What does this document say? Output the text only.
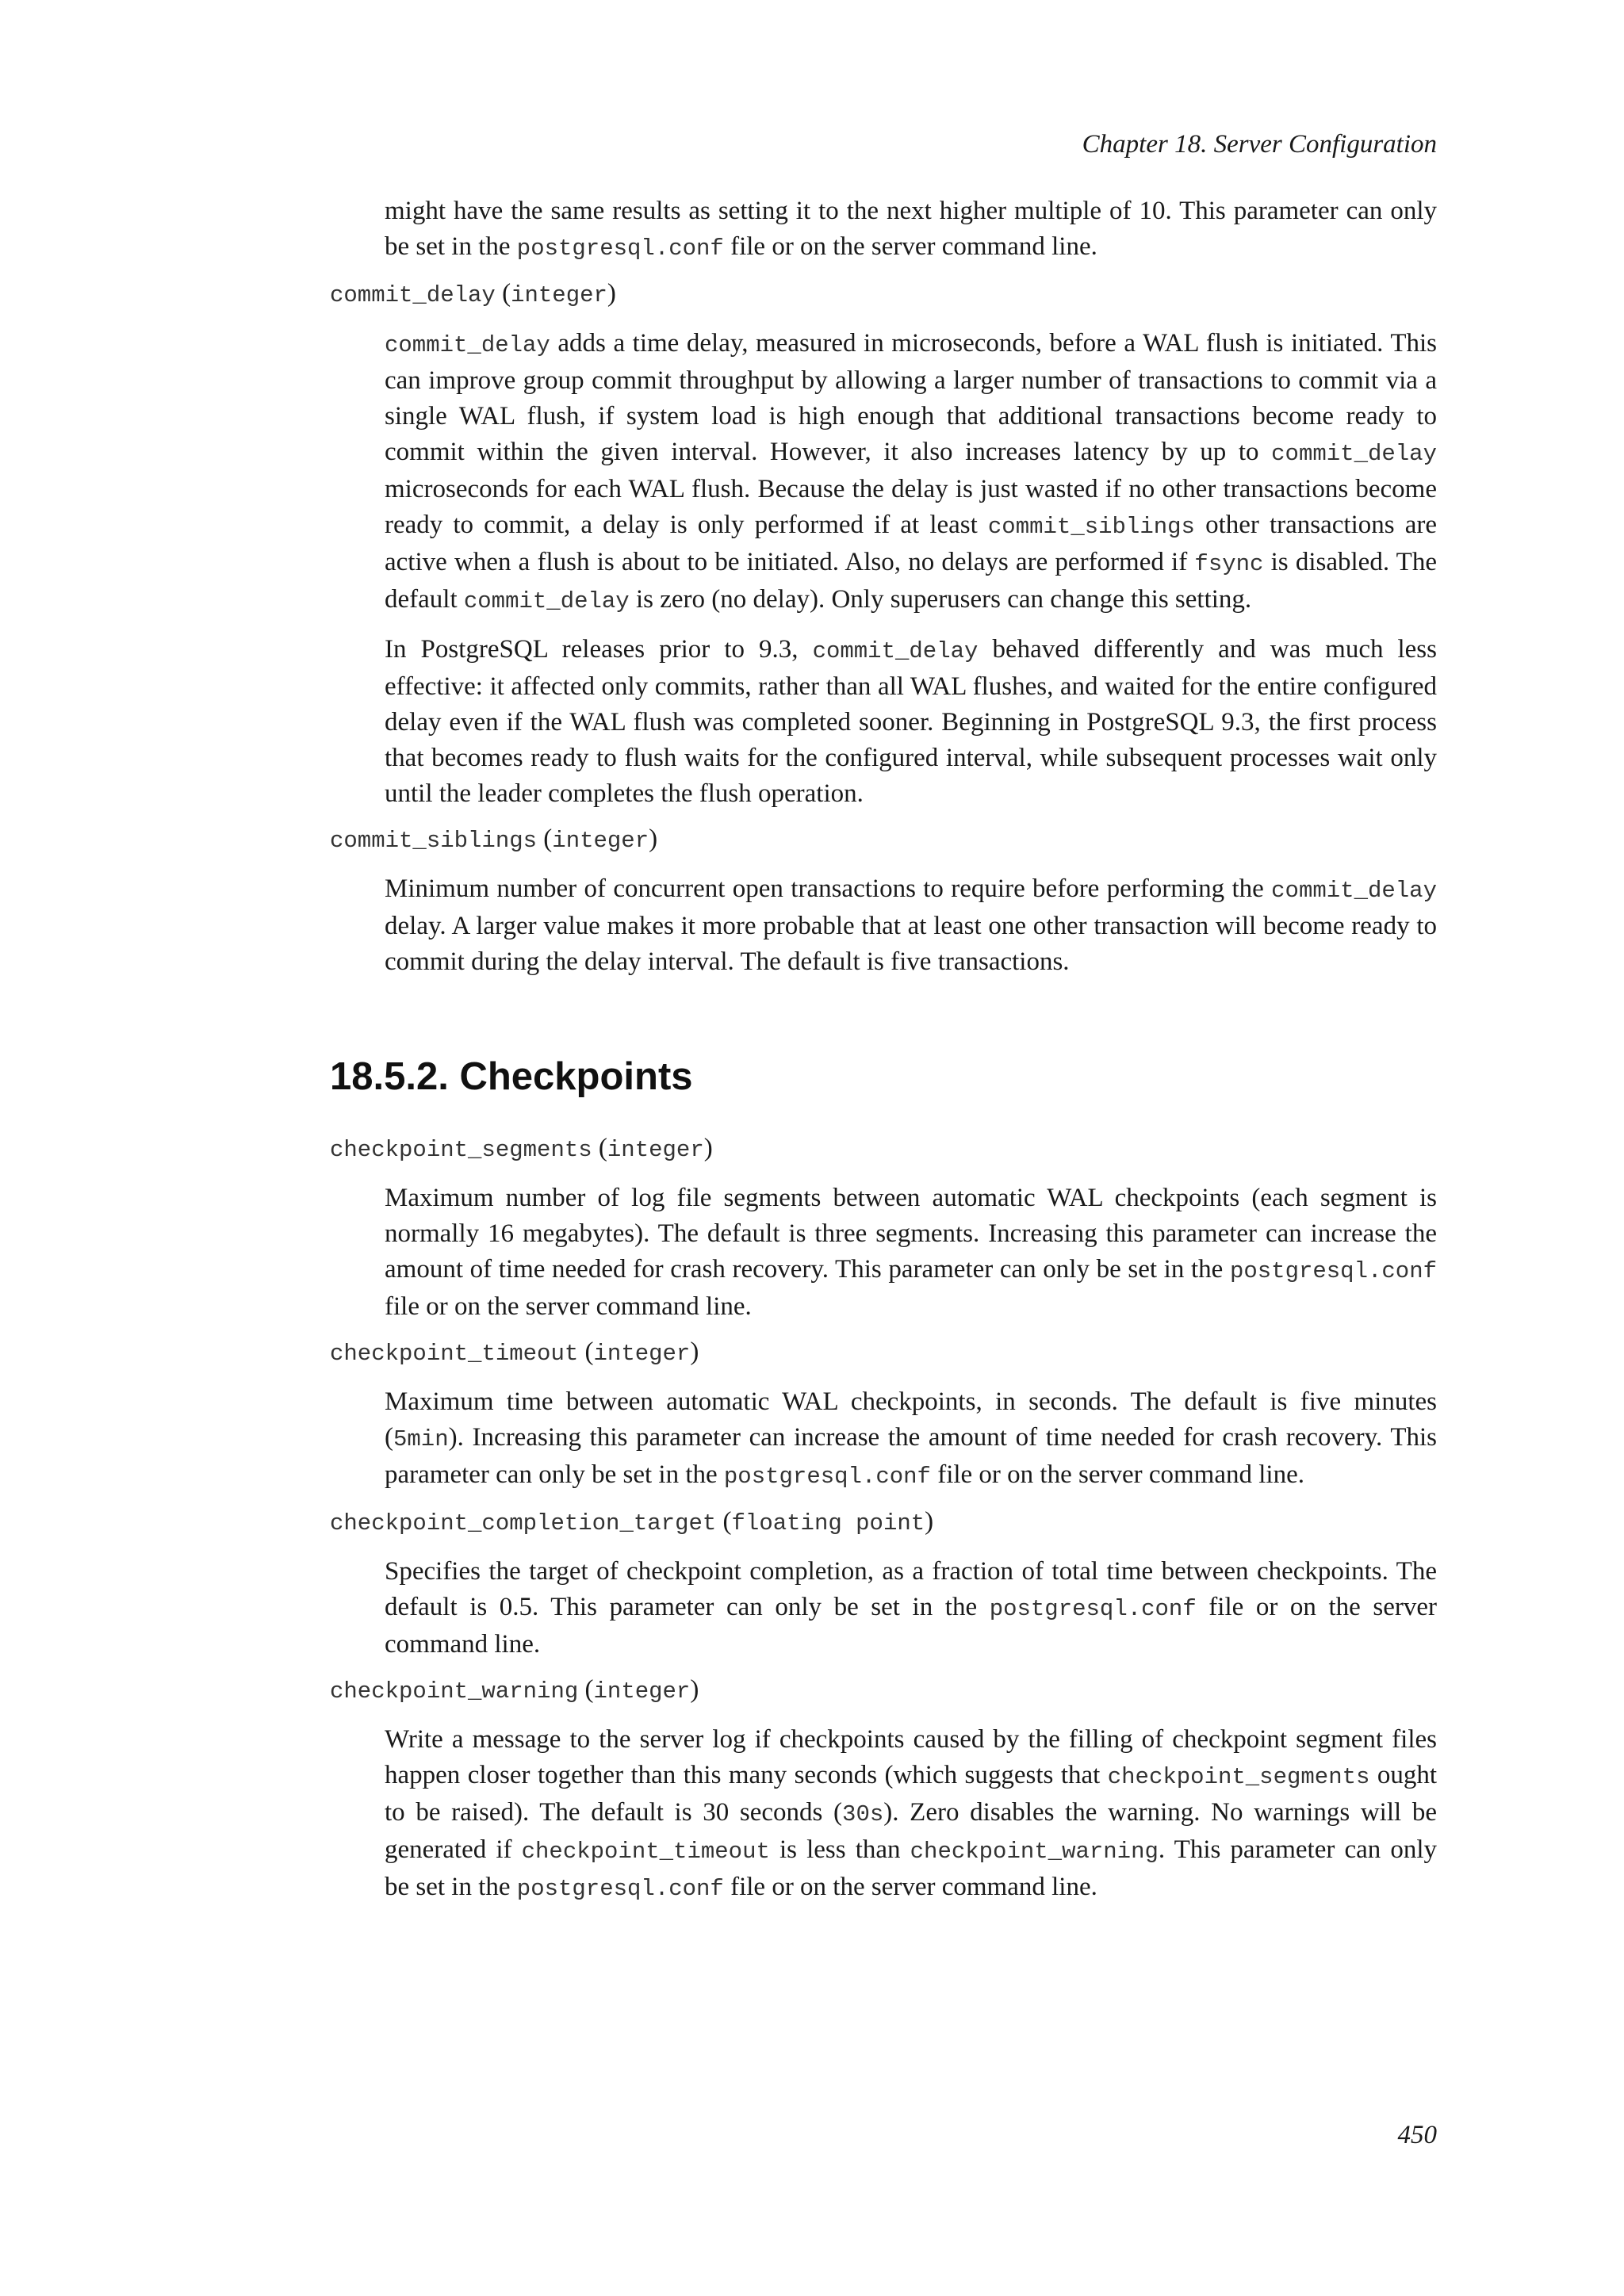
Chapter 18. Server Configuration

might have the same results as setting it to the next higher multiple of 10. This parameter can only be set in the postgresql.conf file or on the server command line.

commit_delay (integer)

commit_delay adds a time delay, measured in microseconds, before a WAL flush is initiated. This can improve group commit throughput by allowing a larger number of transactions to commit via a single WAL flush, if system load is high enough that additional transactions become ready to commit within the given interval. However, it also increases latency by up to commit_delay microseconds for each WAL flush. Because the delay is just wasted if no other transactions become ready to commit, a delay is only performed if at least commit_siblings other transactions are active when a flush is about to be initiated. Also, no delays are performed if fsync is disabled. The default commit_delay is zero (no delay). Only superusers can change this setting.

In PostgreSQL releases prior to 9.3, commit_delay behaved differently and was much less effective: it affected only commits, rather than all WAL flushes, and waited for the entire configured delay even if the WAL flush was completed sooner. Beginning in PostgreSQL 9.3, the first process that becomes ready to flush waits for the configured interval, while subsequent processes wait only until the leader completes the flush operation.

commit_siblings (integer)

Minimum number of concurrent open transactions to require before performing the commit_delay delay. A larger value makes it more probable that at least one other transaction will become ready to commit during the delay interval. The default is five transactions.

18.5.2. Checkpoints

checkpoint_segments (integer)

Maximum number of log file segments between automatic WAL checkpoints (each segment is normally 16 megabytes). The default is three segments. Increasing this parameter can increase the amount of time needed for crash recovery. This parameter can only be set in the postgresql.conf file or on the server command line.

checkpoint_timeout (integer)

Maximum time between automatic WAL checkpoints, in seconds. The default is five minutes (5min). Increasing this parameter can increase the amount of time needed for crash recovery. This parameter can only be set in the postgresql.conf file or on the server command line.

checkpoint_completion_target (floating point)

Specifies the target of checkpoint completion, as a fraction of total time between checkpoints. The default is 0.5. This parameter can only be set in the postgresql.conf file or on the server command line.

checkpoint_warning (integer)

Write a message to the server log if checkpoints caused by the filling of checkpoint segment files happen closer together than this many seconds (which suggests that checkpoint_segments ought to be raised). The default is 30 seconds (30s). Zero disables the warning. No warnings will be generated if checkpoint_timeout is less than checkpoint_warning. This parameter can only be set in the postgresql.conf file or on the server command line.

450
